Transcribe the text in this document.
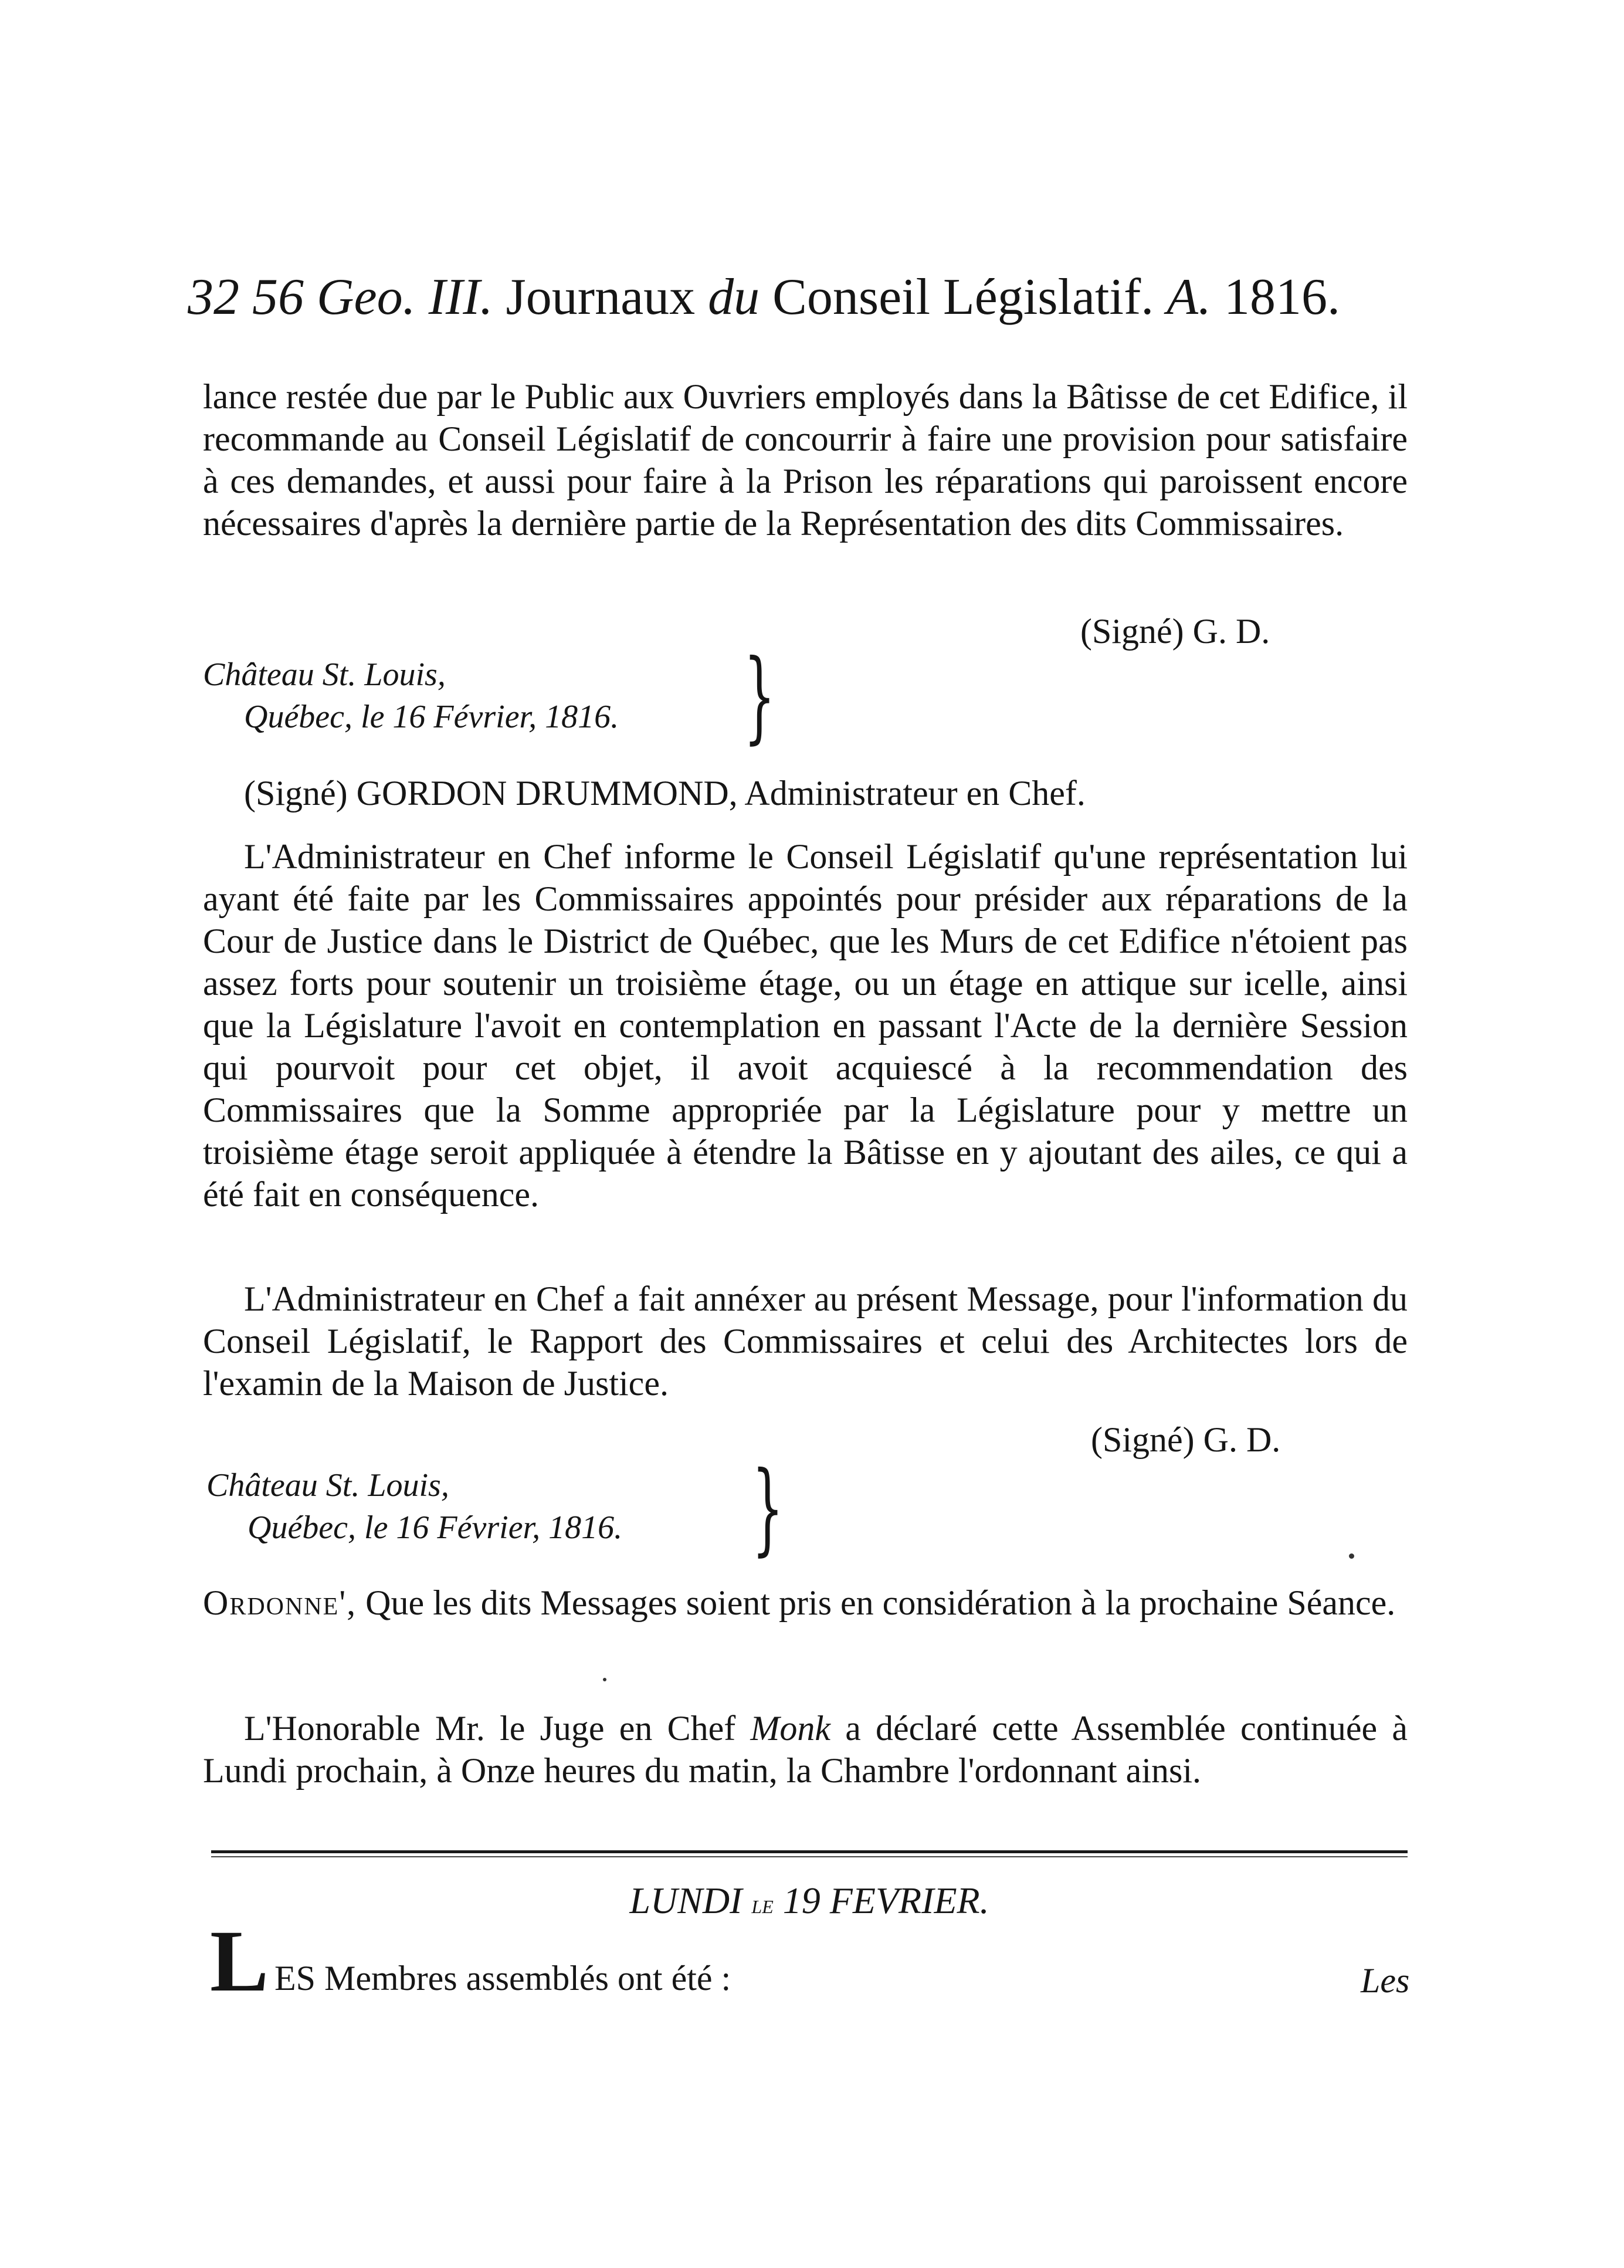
32 56 Geo. III. Journaux du Conseil Législatif. A. 1816.

lance restée due par le Public aux Ouvriers employés dans la Bâtisse de cet Edifice, il recommande au Conseil Législatif de concourrir à faire une provision pour satisfaire à ces demandes, et aussi pour faire à la Prison les réparations qui paroissent encore nécessaires d'après la dernière partie de la Représentation des dits Commissaires.

(Signé) G. D.
Château St. Louis,
Québec, le 16 Février, 1816. }
(Signé) GORDON DRUMMOND, Administrateur en Chef.

L'Administrateur en Chef informe le Conseil Législatif qu'une représentation lui ayant été faite par les Commissaires appointés pour présider aux réparations de la Cour de Justice dans le District de Québec, que les Murs de cet Edifice n'étoient pas assez forts pour soutenir un troisième étage, ou un étage en attique sur icelle, ainsi que la Législature l'avoit en contemplation en passant l'Acte de la dernière Session qui pourvoit pour cet objet, il avoit acquiescé à la recommendation des Commissaires que la Somme appropriée par la Législature pour y mettre un troisième étage seroit appliquée à étendre la Bâtisse en y ajoutant des ailes, ce qui a été fait en conséquence.

L'Administrateur en Chef a fait annéxer au présent Message, pour l'information du Conseil Législatif, le Rapport des Commissaires et celui des Architectes lors de l'examin de la Maison de Justice.

(Signé) G. D.
Château St. Louis,
Québec, le 16 Février, 1816. }
Ordonne', Que les dits Messages soient pris en considération à la prochaine Séance.

L'Honorable Mr. le Juge en Chef Monk a déclaré cette Assemblée continuée à Lundi prochain, à Onze heures du matin, la Chambre l'ordonnant ainsi.

LUNDI le 19 FEVRIER.
L ES Membres assemblés ont été :	Les
